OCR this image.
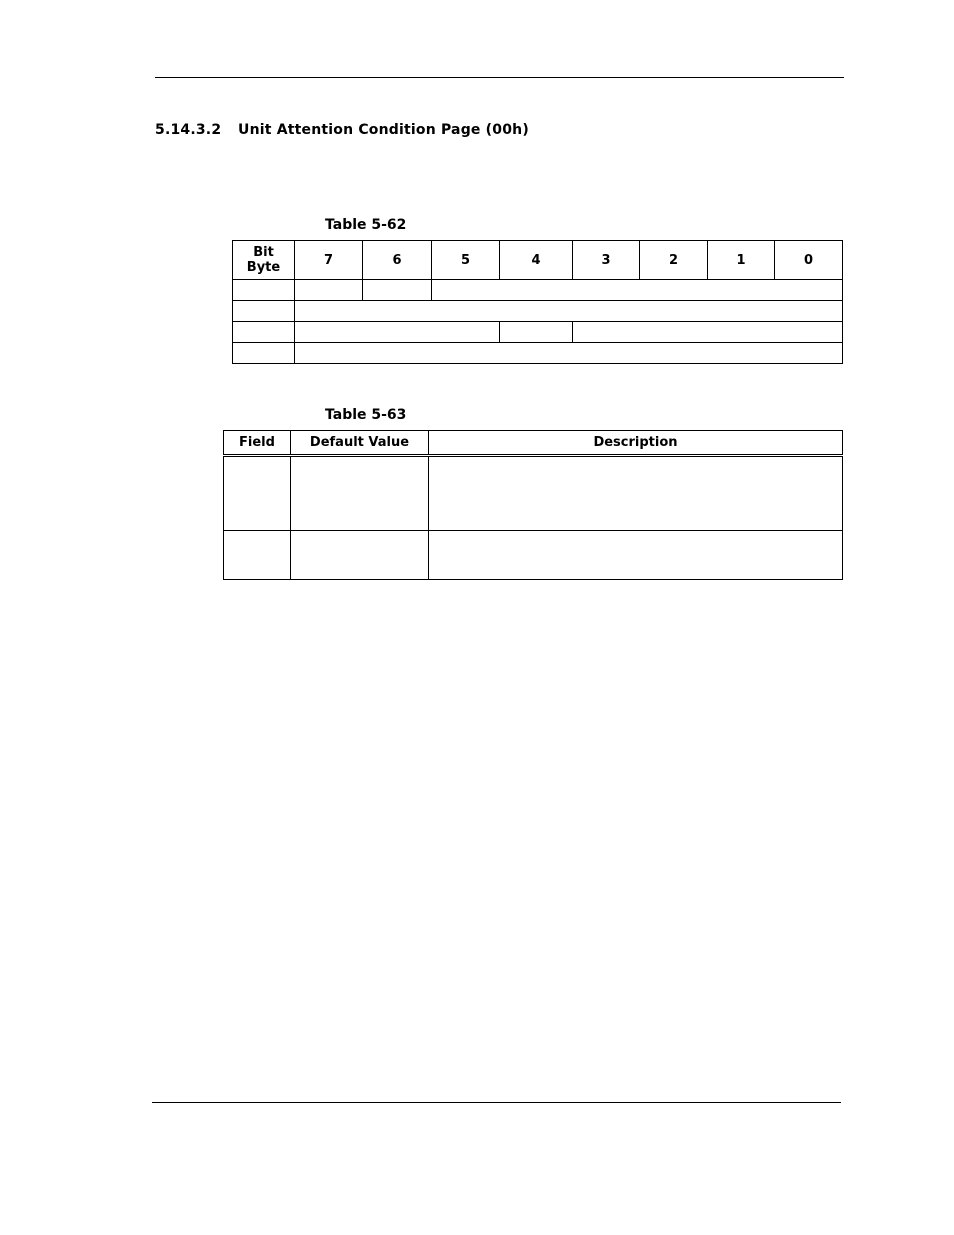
5.14.3.2 Unit Attention Condition Page (00h)
Table 5-62
Bit
Byte	7	6	5	4	3	2	1	0

Table 5-63
Field	Default Value	Description
